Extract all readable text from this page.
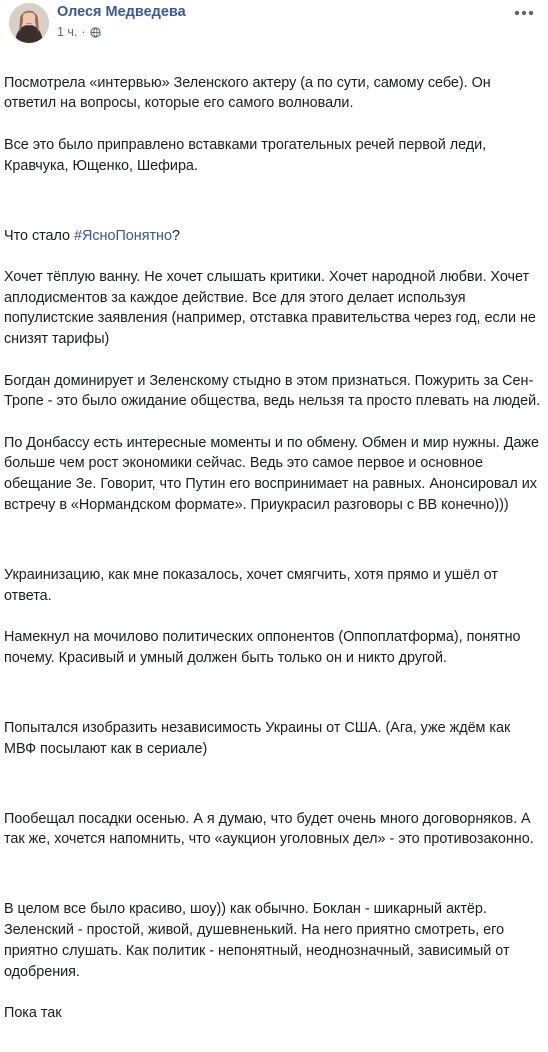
Олеся Медведева
1 ч. ·

Посмотрела «интервью» Зеленского актеру (а по сути, самому себе). Он ответил на вопросы, которые его самого волновали.

Все это было приправлено вставками трогательных речей первой леди, Кравчука, Ющенко, Шефира.

Что стало #ЯсноПонятно?

Хочет тёплую ванну. Не хочет слышать критики. Хочет народной любви. Хочет аплодисментов за каждое действие. Все для этого делает используя популистские заявления (например, отставка правительства через год, если не снизят тарифы)

Богдан доминирует и Зеленскому стыдно в этом признаться. Пожурить за Сен-Тропе - это было ожидание общества, ведь нельзя та просто плевать на людей.

По Донбассу есть интересные моменты и по обмену. Обмен и мир нужны. Даже больше чем рост экономики сейчас. Ведь это самое первое и основное обещание Зе. Говорит, что Путин его воспринимает на равных. Анонсировал их встречу в «Нормандском формате». Приукрасил разговоры с ВВ конечно)))

Украинизацию, как мне показалось, хочет смягчить, хотя прямо и ушёл от ответа.

Намекнул на мочилово политических оппонентов (Оппоплатформа), понятно почему. Красивый и умный должен быть только он и никто другой.

Попытался изобразить независимость Украины от США. (Ага, уже ждём как МВФ посылают как в сериале)

Пообещал посадки осенью. А я думаю, что будет очень много договорняков. А так же, хочется напомнить, что «аукцион уголовных дел» - это противозаконно.

В целом все было красиво, шоу)) как обычно. Боклан - шикарный актёр. Зеленский - простой, живой, душевненький. На него приятно смотреть, его приятно слушать. Как политик - непонятный, неоднозначный, зависимый от одобрения.

Пока так
